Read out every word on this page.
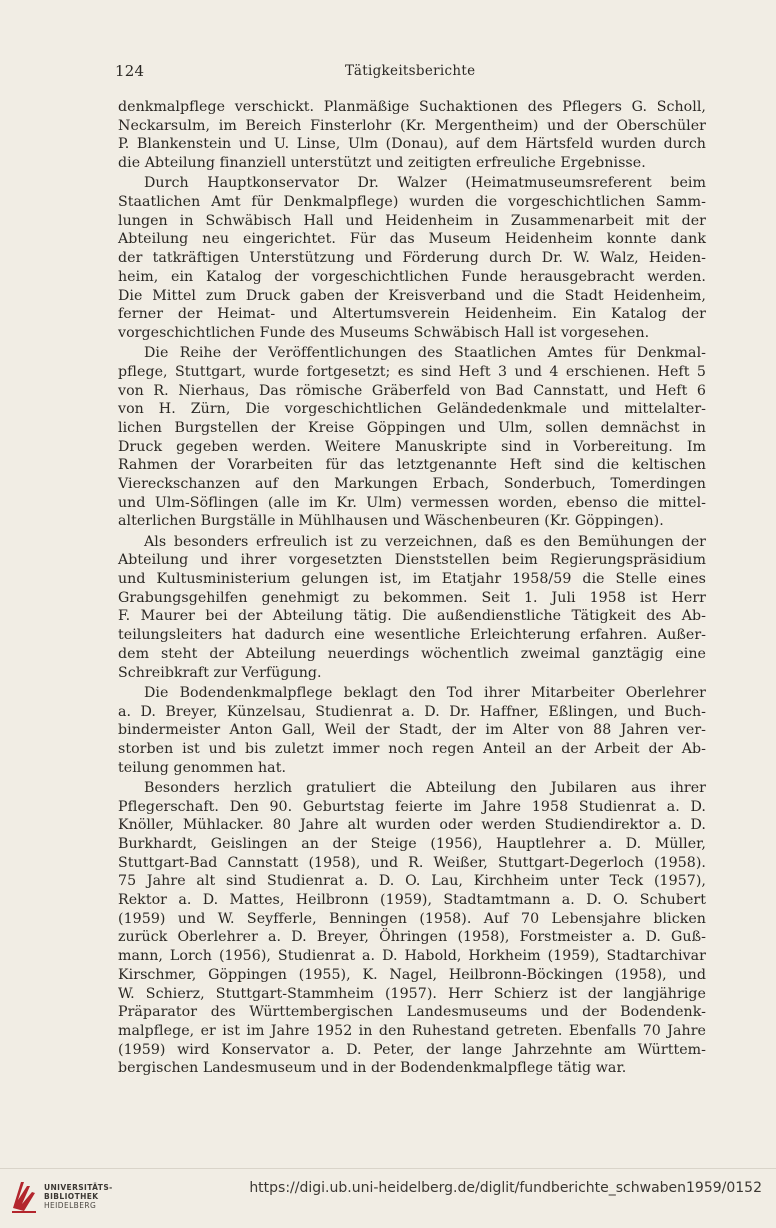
124	Tätigkeitsberichte
denkmalpflege verschickt. Planmäßige Suchaktionen des Pflegers G. Scholl,
Neckarsulm, im Bereich Finsterlohr (Kr. Mergentheim) und der Oberschüler
P. Blankenstein und U. Linse, Ulm (Donau), auf dem Härtsfeld wurden durch
die Abteilung finanziell unterstützt und zeitigten erfreuliche Ergebnisse.
Durch Hauptkonservator Dr. Walzer (Heimatmuseumsreferent beim
Staatlichen Amt für Denkmalpflege) wurden die vorgeschichtlichen Samm-
lungen in Schwäbisch Hall und Heidenheim in Zusammenarbeit mit der
Abteilung neu eingerichtet. Für das Museum Heidenheim konnte dank
der tatkräftigen Unterstützung und Förderung durch Dr. W. Walz, Heiden-
heim, ein Katalog der vorgeschichtlichen Funde herausgebracht werden.
Die Mittel zum Druck gaben der Kreisverband und die Stadt Heidenheim,
ferner der Heimat- und Altertumsverein Heidenheim. Ein Katalog der
vorgeschichtlichen Funde des Museums Schwäbisch Hall ist vorgesehen.
Die Reihe der Veröffentlichungen des Staatlichen Amtes für Denkmal-
pflege, Stuttgart, wurde fortgesetzt; es sind Heft 3 und 4 erschienen. Heft 5
von R. Nierhaus, Das römische Gräberfeld von Bad Cannstatt, und Heft 6
von H. Zürn, Die vorgeschichtlichen Geländedenkmale und mittelalter-
lichen Burgstellen der Kreise Göppingen und Ulm, sollen demnächst in
Druck gegeben werden. Weitere Manuskripte sind in Vorbereitung. Im
Rahmen der Vorarbeiten für das letztgenannte Heft sind die keltischen
Viereckschanzen auf den Markungen Erbach, Sonderbuch, Tomerdingen
und Ulm-Söflingen (alle im Kr. Ulm) vermessen worden, ebenso die mittel-
alterlichen Burgställe in Mühlhausen und Wäschenbeuren (Kr. Göppingen).
Als besonders erfreulich ist zu verzeichnen, daß es den Bemühungen der
Abteilung und ihrer vorgesetzten Dienststellen beim Regierungspräsidium
und Kultusministerium gelungen ist, im Etatjahr 1958/59 die Stelle eines
Grabungsgehilfen genehmigt zu bekommen. Seit 1. Juli 1958 ist Herr
F. Maurer bei der Abteilung tätig. Die außendienstliche Tätigkeit des Ab-
teilungsleiters hat dadurch eine wesentliche Erleichterung erfahren. Außer-
dem steht der Abteilung neuerdings wöchentlich zweimal ganztägig eine
Schreibkraft zur Verfügung.
Die Bodendenkmalpflege beklagt den Tod ihrer Mitarbeiter Oberlehrer
a. D. Breyer, Künzelsau, Studienrat a. D. Dr. Haffner, Eßlingen, und Buch-
bindermeister Anton Gall, Weil der Stadt, der im Alter von 88 Jahren ver-
storben ist und bis zuletzt immer noch regen Anteil an der Arbeit der Ab-
teilung genommen hat.
Besonders herzlich gratuliert die Abteilung den Jubilaren aus ihrer
Pflegerschaft. Den 90. Geburtstag feierte im Jahre 1958 Studienrat a. D.
Knöller, Mühlacker. 80 Jahre alt wurden oder werden Studiendirektor a. D.
Burkhardt, Geislingen an der Steige (1956), Hauptlehrer a. D. Müller,
Stuttgart-Bad Cannstatt (1958), und R. Weißer, Stuttgart-Degerloch (1958).
75 Jahre alt sind Studienrat a. D. O. Lau, Kirchheim unter Teck (1957),
Rektor a. D. Mattes, Heilbronn (1959), Stadtamtmann a. D. O. Schubert
(1959) und W. Seyfferle, Benningen (1958). Auf 70 Lebensjahre blicken
zurück Oberlehrer a. D. Breyer, Öhringen (1958), Forstmeister a. D. Guß-
mann, Lorch (1956), Studienrat a. D. Habold, Horkheim (1959), Stadtarchivar
Kirschmer, Göppingen (1955), K. Nagel, Heilbronn-Böckingen (1958), und
W. Schierz, Stuttgart-Stammheim (1957). Herr Schierz ist der langjährige
Präparator des Württembergischen Landesmuseums und der Bodendenk-
malpflege, er ist im Jahre 1952 in den Ruhestand getreten. Ebenfalls 70 Jahre
(1959) wird Konservator a. D. Peter, der lange Jahrzehnte am Württem-
bergischen Landesmuseum und in der Bodendenkmalpflege tätig war.
UNIVERSITÄTS-
BIBLIOTHEK
HEIDELBERG
https://digi.ub.uni-heidelberg.de/diglit/fundberichte_schwaben1959/0152
